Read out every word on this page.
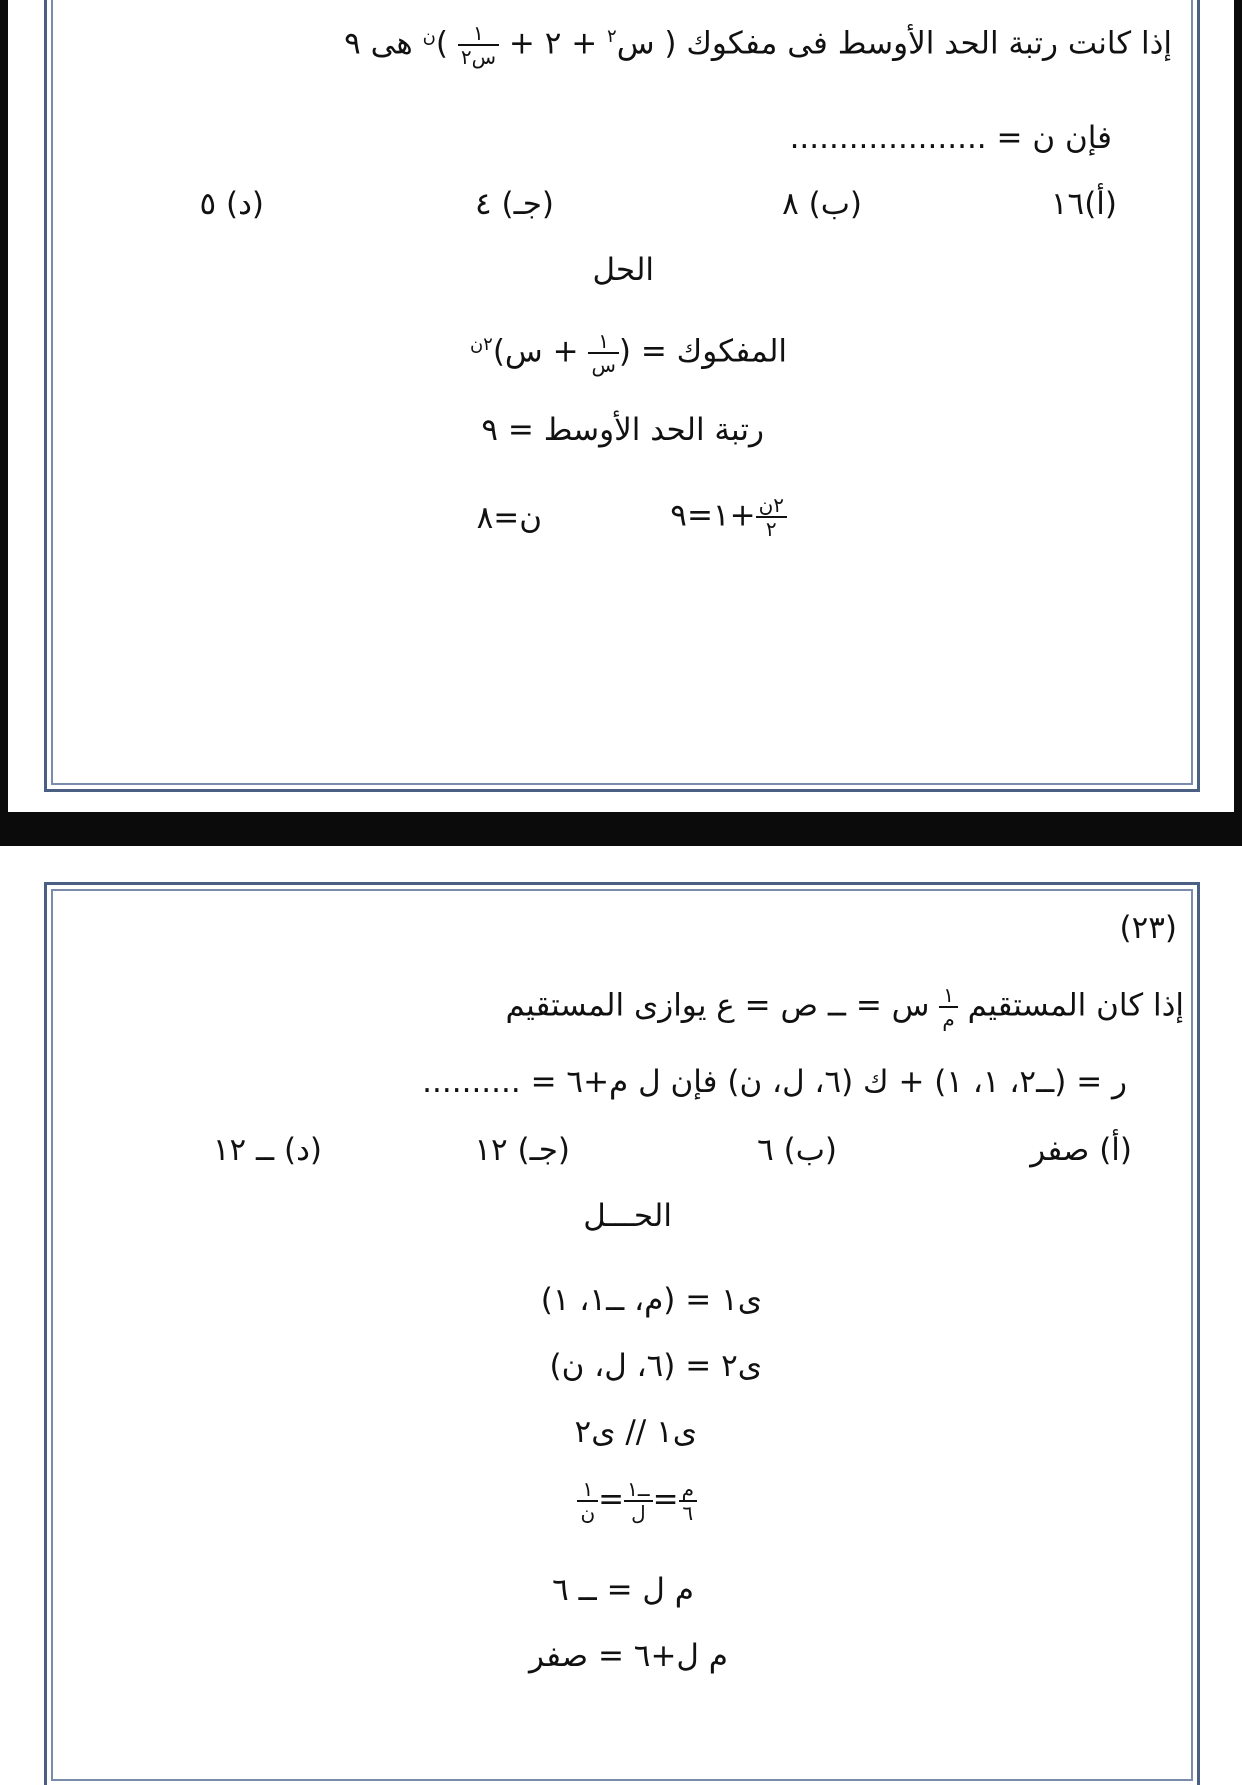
إذا كانت رتبة الحد الأوسط فى مفكوك ( س$^٢$ + ٢ +
$\frac{١}{\text{س٢}}$
)$^ن$ هى ٩
فإن ن = ....................
(أ)١٦
(ب) ٨
(جـ) ٤
(د) ٥
الحل
المفكوك = (
$\frac{١}{\text{س}}$
+ س)$^{٢ن}$
رتبة الحد الأوسط = ٩
$\frac{\text{٢ن}}{٢}$
+١=٩
ن=٨
(٢٣)
إذا كان المستقيم
$\frac{١}{\text{م}}$
س = ــ ص = ع يوازى المستقيم
ر = (ــ٢، ١، ١) + ك (٦، ل، ن) فإن ل م+٦ = ..........
(أ) صفر
(ب) ٦
(جـ) ١٢
(د) ــ ١٢
الحـــل
ى١ = (م، ــ١، ١)
ى٢ = (٦، ل، ن)
ى١ // ى٢
$\frac{\text{م}}{٦}$
=
$\frac{\text{ــ١}}{\text{ل}}$
=
$\frac{١}{\text{ن}}$
م ل = ــ ٦
م ل+٦ = صفر
